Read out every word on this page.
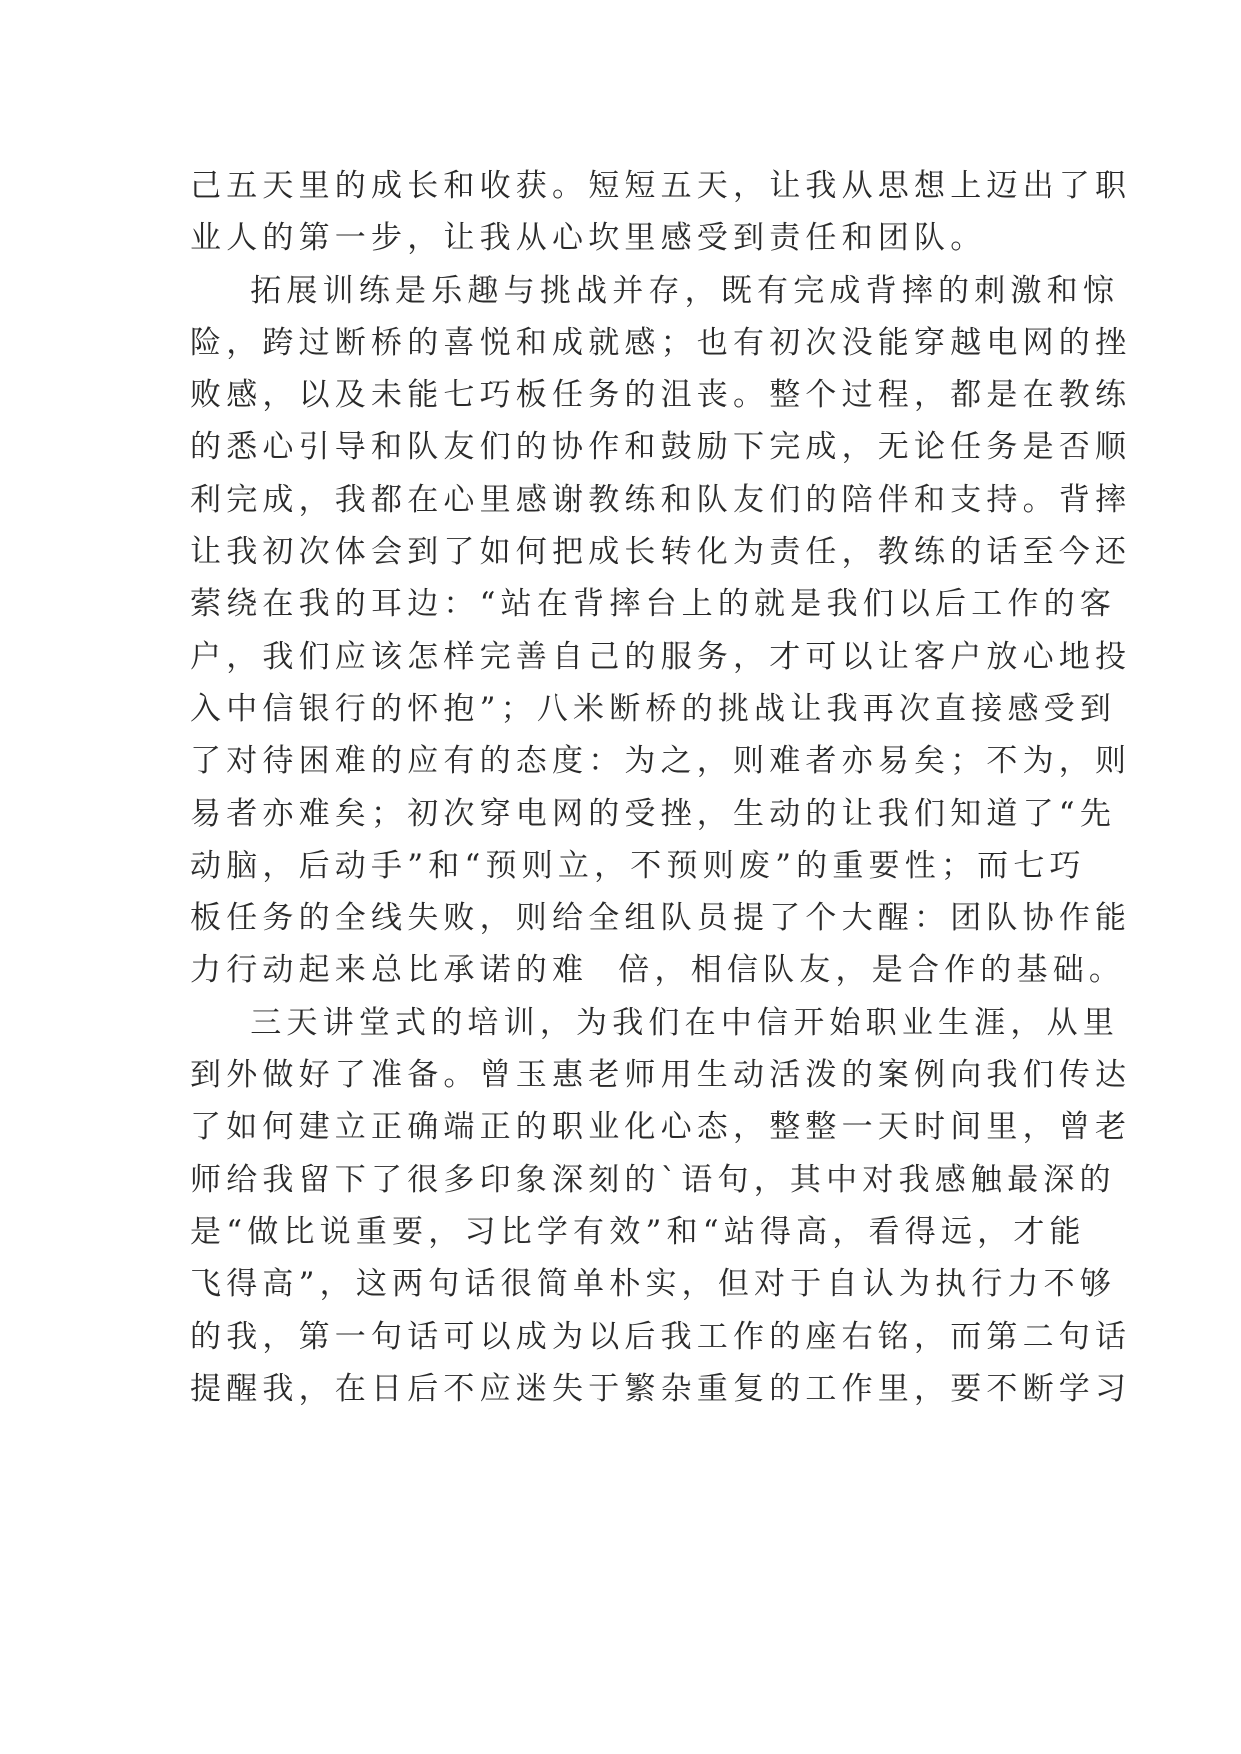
己五天里的成长和收获。短短五天，让我从思想上迈出了职
业人的第一步，让我从心坎里感受到责任和团队。
拓展训练是乐趣与挑战并存，既有完成背摔的刺激和惊
险，跨过断桥的喜悦和成就感；也有初次没能穿越电网的挫
败感，以及未能七巧板任务的沮丧。整个过程，都是在教练
的悉心引导和队友们的协作和鼓励下完成，无论任务是否顺
利完成，我都在心里感谢教练和队友们的陪伴和支持。背摔
让我初次体会到了如何把成长转化为责任，教练的话至今还
萦绕在我的耳边：“站在背摔台上的就是我们以后工作的客
户，我们应该怎样完善自己的服务，才可以让客户放心地投
入中信银行的怀抱”；八米断桥的挑战让我再次直接感受到
了对待困难的应有的态度：为之，则难者亦易矣；不为，则
易者亦难矣；初次穿电网的受挫，生动的让我们知道了“先
动脑，后动手”和“预则立，不预则废”的重要性；而七巧
板任务的全线失败，则给全组队员提了个大醒：团队协作能
力行动起来总比承诺的难  倍，相信队友，是合作的基础。
三天讲堂式的培训，为我们在中信开始职业生涯，从里
到外做好了准备。曾玉惠老师用生动活泼的案例向我们传达
了如何建立正确端正的职业化心态，整整一天时间里，曾老
师给我留下了很多印象深刻的`语句，其中对我感触最深的
是“做比说重要，习比学有效”和“站得高，看得远，才能
飞得高”，这两句话很简单朴实，但对于自认为执行力不够
的我，第一句话可以成为以后我工作的座右铭，而第二句话
提醒我，在日后不应迷失于繁杂重复的工作里，要不断学习
